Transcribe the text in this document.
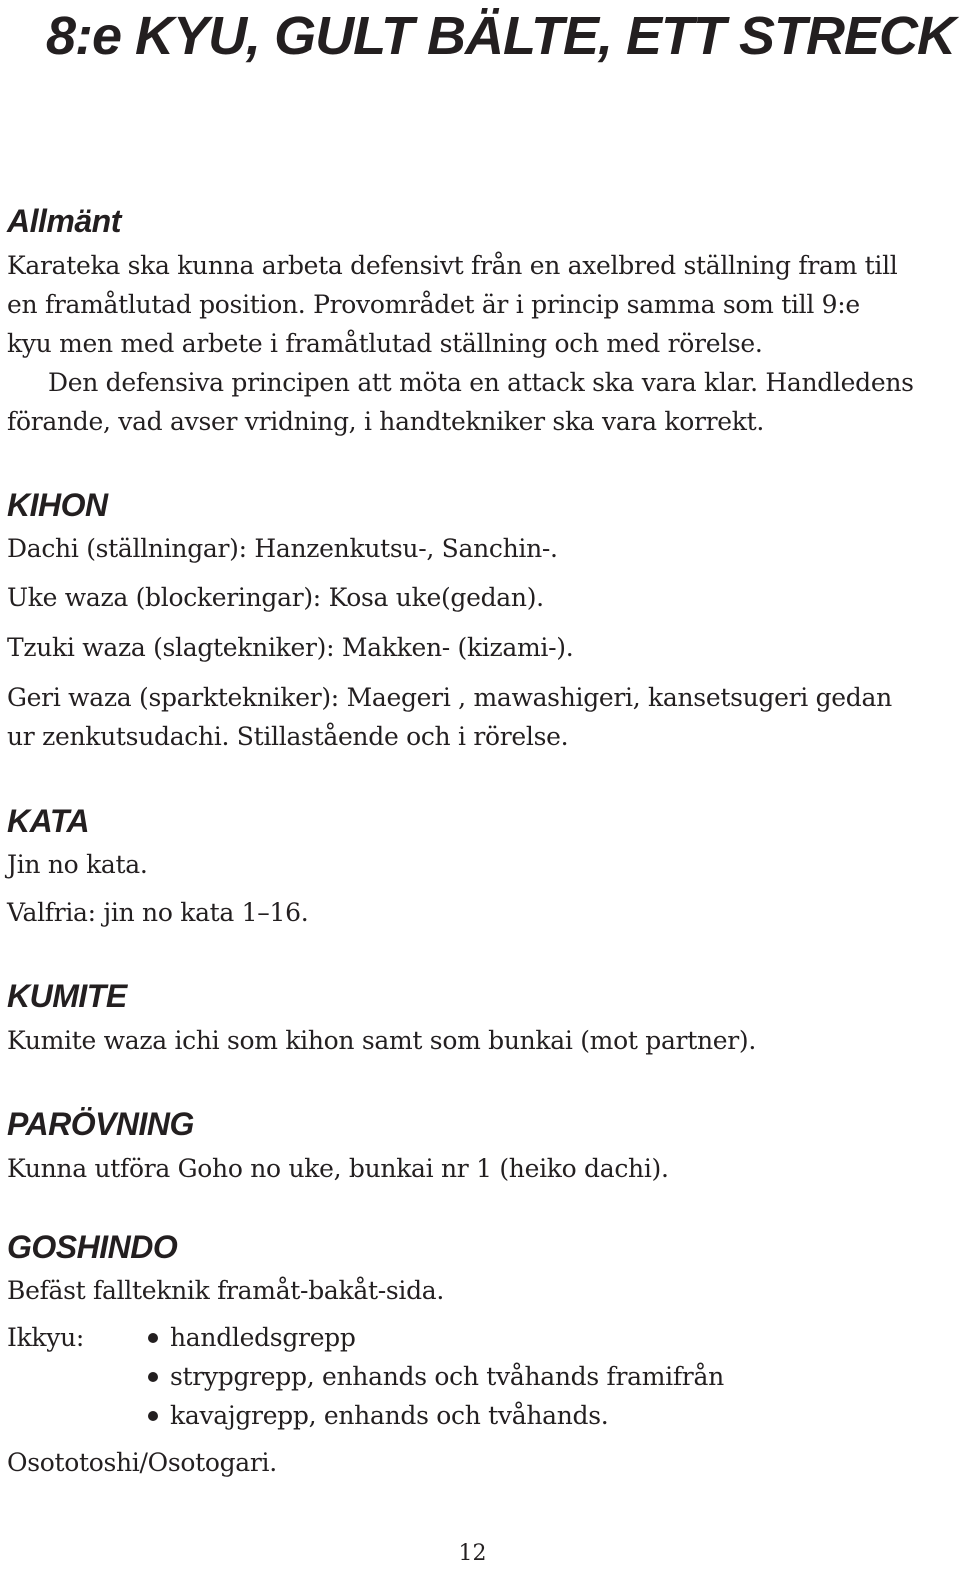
8:e KYU, GULT BÄLTE, ETT STRECK
Allmänt
Karateka ska kunna arbeta defensivt från en axelbred ställning fram till
en framåtlutad position. Provområdet är i princip samma som till 9:e
kyu men med arbete i framåtlutad ställning och med rörelse.
Den defensiva principen att möta en attack ska vara klar. Handledens
förande, vad avser vridning, i handtekniker ska vara korrekt.
KIHON
Dachi (ställningar): Hanzenkutsu-, Sanchin-.
Uke waza (blockeringar): Kosa uke(gedan).
Tzuki waza (slagtekniker): Makken- (kizami-).
Geri waza (sparktekniker): Maegeri , mawashigeri, kansetsugeri gedan
ur zenkutsudachi. Stillastående och i rörelse.
KATA
Jin no kata.
Valfria: jin no kata 1–16.
KUMITE
Kumite waza ichi som kihon samt som bunkai (mot partner).
PARÖVNING
Kunna utföra Goho no uke, bunkai nr 1 (heiko dachi).
GOSHINDO
Befäst fallteknik framåt-bakåt-sida.
Ikkyu:	handledsgrepp
strypgrepp, enhands och tvåhands framifrån
kavajgrepp, enhands och tvåhands.
Osototoshi/Osotogari.
12
